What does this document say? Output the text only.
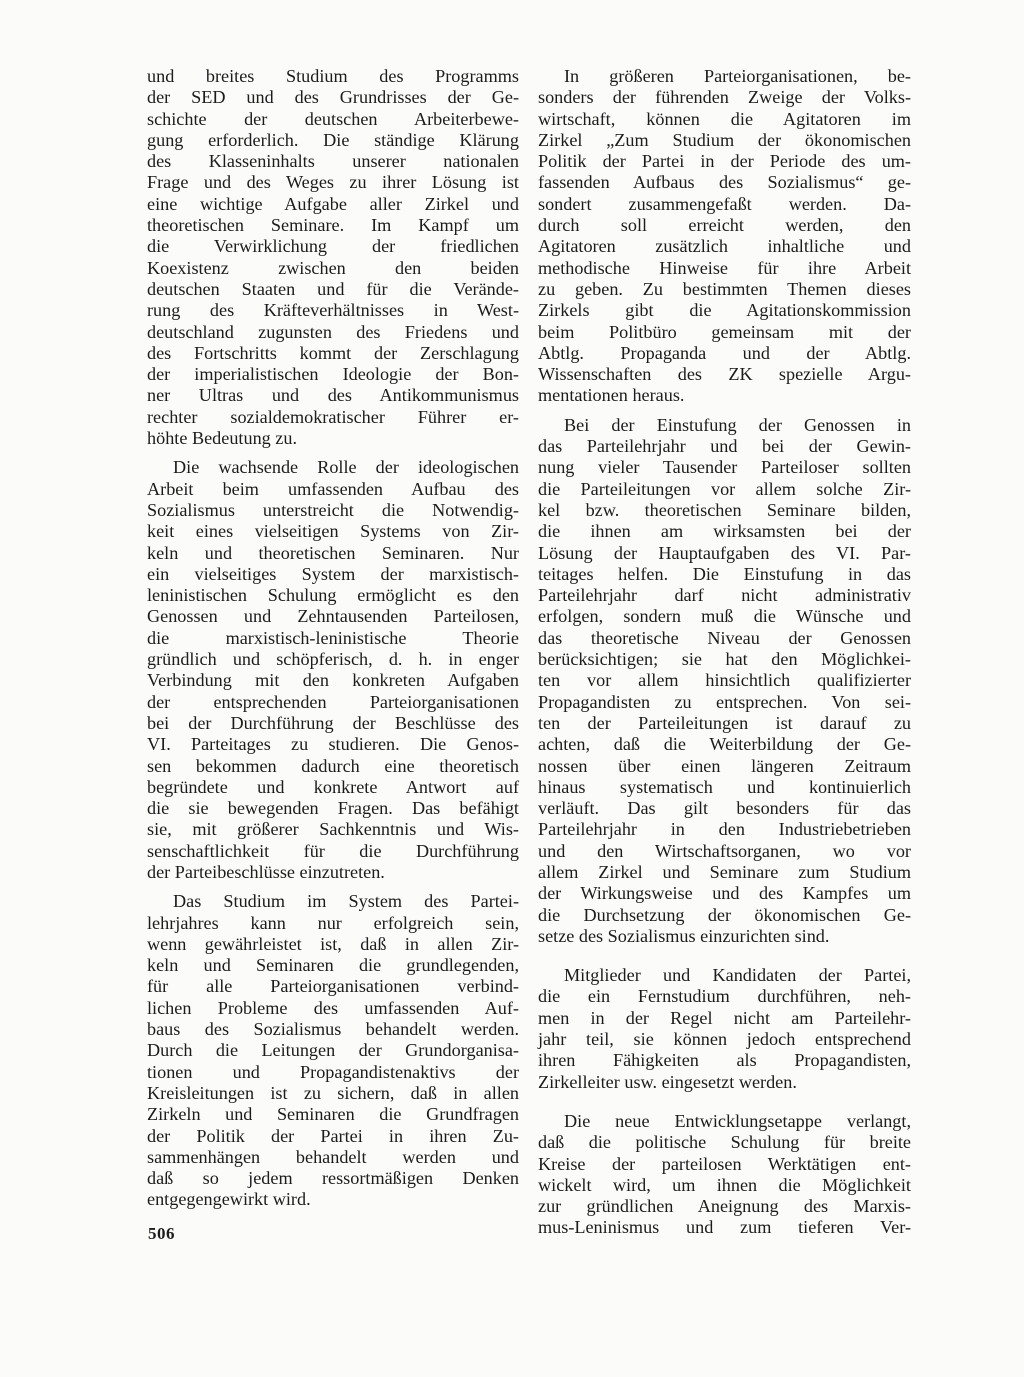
und breites Studium des Programms
der SED und des Grundrisses der Ge-
schichte der deutschen Arbeiterbewe-
gung erforderlich. Die ständige Klärung
des Klasseninhalts unserer nationalen
Frage und des Weges zu ihrer Lösung ist
eine wichtige Aufgabe aller Zirkel und
theoretischen Seminare. Im Kampf um
die Verwirklichung der friedlichen
Koexistenz zwischen den beiden
deutschen Staaten und für die Verände-
rung des Kräfteverhältnisses in West-
deutschland zugunsten des Friedens und
des Fortschritts kommt der Zerschlagung
der imperialistischen Ideologie der Bon-
ner Ultras und des Antikommunismus
rechter sozialdemokratischer Führer er-
höhte Bedeutung zu.
Die wachsende Rolle der ideologischen
Arbeit beim umfassenden Aufbau des
Sozialismus unterstreicht die Notwendig-
keit eines vielseitigen Systems von Zir-
keln und theoretischen Seminaren. Nur
ein vielseitiges System der marxistisch-
leninistischen Schulung ermöglicht es den
Genossen und Zehntausenden Parteilosen,
die marxistisch-leninistische Theorie
gründlich und schöpferisch, d. h. in enger
Verbindung mit den konkreten Aufgaben
der entsprechenden Parteiorganisationen
bei der Durchführung der Beschlüsse des
VI. Parteitages zu studieren. Die Genos-
sen bekommen dadurch eine theoretisch
begründete und konkrete Antwort auf
die sie bewegenden Fragen. Das befähigt
sie, mit größerer Sachkenntnis und Wis-
senschaftlichkeit für die Durchführung
der Parteibeschlüsse einzutreten.
Das Studium im System des Partei-
lehrjahres kann nur erfolgreich sein,
wenn gewährleistet ist, daß in allen Zir-
keln und Seminaren die grundlegenden,
für alle Parteiorganisationen verbind-
lichen Probleme des umfassenden Auf-
baus des Sozialismus behandelt werden.
Durch die Leitungen der Grundorganisa-
tionen und Propagandistenaktivs der
Kreisleitungen ist zu sichern, daß in allen
Zirkeln und Seminaren die Grundfragen
der Politik der Partei in ihren Zu-
sammenhängen behandelt werden und
daß so jedem ressortmäßigen Denken
entgegengewirkt wird.
In größeren Parteiorganisationen, be-
sonders der führenden Zweige der Volks-
wirtschaft, können die Agitatoren im
Zirkel „Zum Studium der ökonomischen
Politik der Partei in der Periode des um-
fassenden Aufbaus des Sozialismus“ ge-
sondert zusammengefaßt werden. Da-
durch soll erreicht werden, den
Agitatoren zusätzlich inhaltliche und
methodische Hinweise für ihre Arbeit
zu geben. Zu bestimmten Themen dieses
Zirkels gibt die Agitationskommission
beim Politbüro gemeinsam mit der
Abtlg. Propaganda und der Abtlg.
Wissenschaften des ZK spezielle Argu-
mentationen heraus.
Bei der Einstufung der Genossen in
das Parteilehrjahr und bei der Gewin-
nung vieler Tausender Parteiloser sollten
die Parteileitungen vor allem solche Zir-
kel bzw. theoretischen Seminare bilden,
die ihnen am wirksamsten bei der
Lösung der Hauptaufgaben des VI. Par-
teitages helfen. Die Einstufung in das
Parteilehrjahr darf nicht administrativ
erfolgen, sondern muß die Wünsche und
das theoretische Niveau der Genossen
berücksichtigen; sie hat den Möglichkei-
ten vor allem hinsichtlich qualifizierter
Propagandisten zu entsprechen. Von sei-
ten der Parteileitungen ist darauf zu
achten, daß die Weiterbildung der Ge-
nossen über einen längeren Zeitraum
hinaus systematisch und kontinuierlich
verläuft. Das gilt besonders für das
Parteilehrjahr in den Industriebetrieben
und den Wirtschaftsorganen, wo vor
allem Zirkel und Seminare zum Studium
der Wirkungsweise und des Kampfes um
die Durchsetzung der ökonomischen Ge-
setze des Sozialismus einzurichten sind.
Mitglieder und Kandidaten der Partei,
die ein Fernstudium durchführen, neh-
men in der Regel nicht am Parteilehr-
jahr teil, sie können jedoch entsprechend
ihren Fähigkeiten als Propagandisten,
Zirkelleiter usw. eingesetzt werden.
Die neue Entwicklungsetappe verlangt,
daß die politische Schulung für breite
Kreise der parteilosen Werktätigen ent-
wickelt wird, um ihnen die Möglichkeit
zur gründlichen Aneignung des Marxis-
mus-Leninismus und zum tieferen Ver-
506
